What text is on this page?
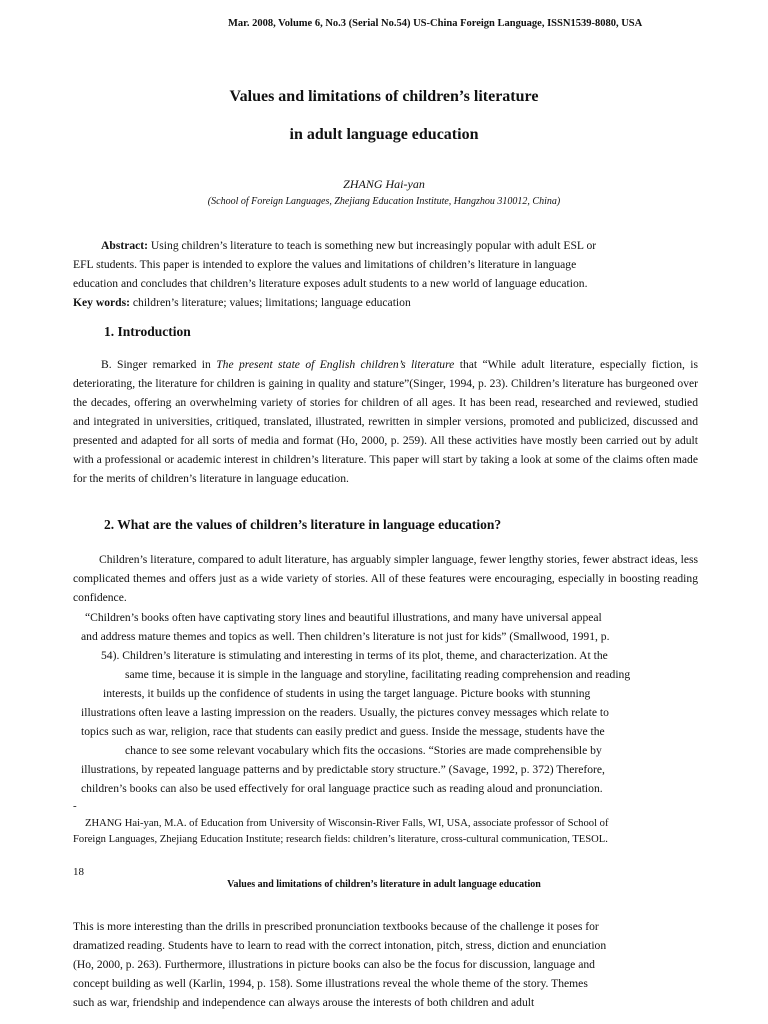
Mar. 2008, Volume 6, No.3 (Serial No.54) US-China Foreign Language, ISSN1539-8080, USA
Values and limitations of children’s literature
in adult language education
ZHANG Hai-yan
(School of Foreign Languages, Zhejiang Education Institute, Hangzhou 310012, China)
Abstract: Using children’s literature to teach is something new but increasingly popular with adult ESL or
EFL students. This paper is intended to explore the values and limitations of children’s literature in language
education and concludes that children’s literature exposes adult students to a new world of language education.
Key words: children’s literature; values; limitations; language education
1. Introduction
B. Singer remarked in The present state of English children’s literature that “While adult literature, especially fiction, is deteriorating, the literature for children is gaining in quality and stature”(Singer, 1994, p. 23). Children’s literature has burgeoned over the decades, offering an overwhelming variety of stories for children of all ages. It has been read, researched and reviewed, studied and integrated in universities, critiqued, translated, illustrated, rewritten in simpler versions, promoted and publicized, discussed and presented and adapted for all sorts of media and format (Ho, 2000, p. 259). All these activities have mostly been carried out by adult with a professional or academic interest in children’s literature. This paper will start by taking a look at some of the claims often made for the merits of children’s literature in language education.
2. What are the values of children’s literature in language education?
Children’s literature, compared to adult literature, has arguably simpler language, fewer lengthy stories, fewer abstract ideas, less complicated themes and offers just as a wide variety of stories. All of these features were encouraging, especially in boosting reading confidence.
“Children’s books often have captivating story lines and beautiful illustrations, and many have universal appeal
and address mature themes and topics as well. Then children’s literature is not just for kids” (Smallwood, 1991, p.
54). Children’s literature is stimulating and interesting in terms of its plot, theme, and characterization. At the
same time, because it is simple in the language and storyline, facilitating reading comprehension and reading
interests, it builds up the confidence of students in using the target language. Picture books with stunning
illustrations often leave a lasting impression on the readers. Usually, the pictures convey messages which relate to
topics such as war, religion, race that students can easily predict and guess. Inside the message, students have the
chance to see some relevant vocabulary which fits the occasions. “Stories are made comprehensible by
illustrations, by repeated language patterns and by predictable story structure.” (Savage, 1992, p. 372) Therefore,
children’s books can also be used effectively for oral language practice such as reading aloud and pronunciation.
-
ZHANG Hai-yan, M.A. of Education from University of Wisconsin-River Falls, WI, USA, associate professor of School of
Foreign Languages, Zhejiang Education Institute; research fields: children’s literature, cross-cultural communication, TESOL.
18
Values and limitations of children’s literature in adult language education
This is more interesting than the drills in prescribed pronunciation textbooks because of the challenge it poses for
dramatized reading. Students have to learn to read with the correct intonation, pitch, stress, diction and enunciation
(Ho, 2000, p. 263). Furthermore, illustrations in picture books can also be the focus for discussion, language and
concept building as well (Karlin, 1994, p. 158). Some illustrations reveal the whole theme of the story. Themes
such as war, friendship and independence can always arouse the interests of both children and adult
